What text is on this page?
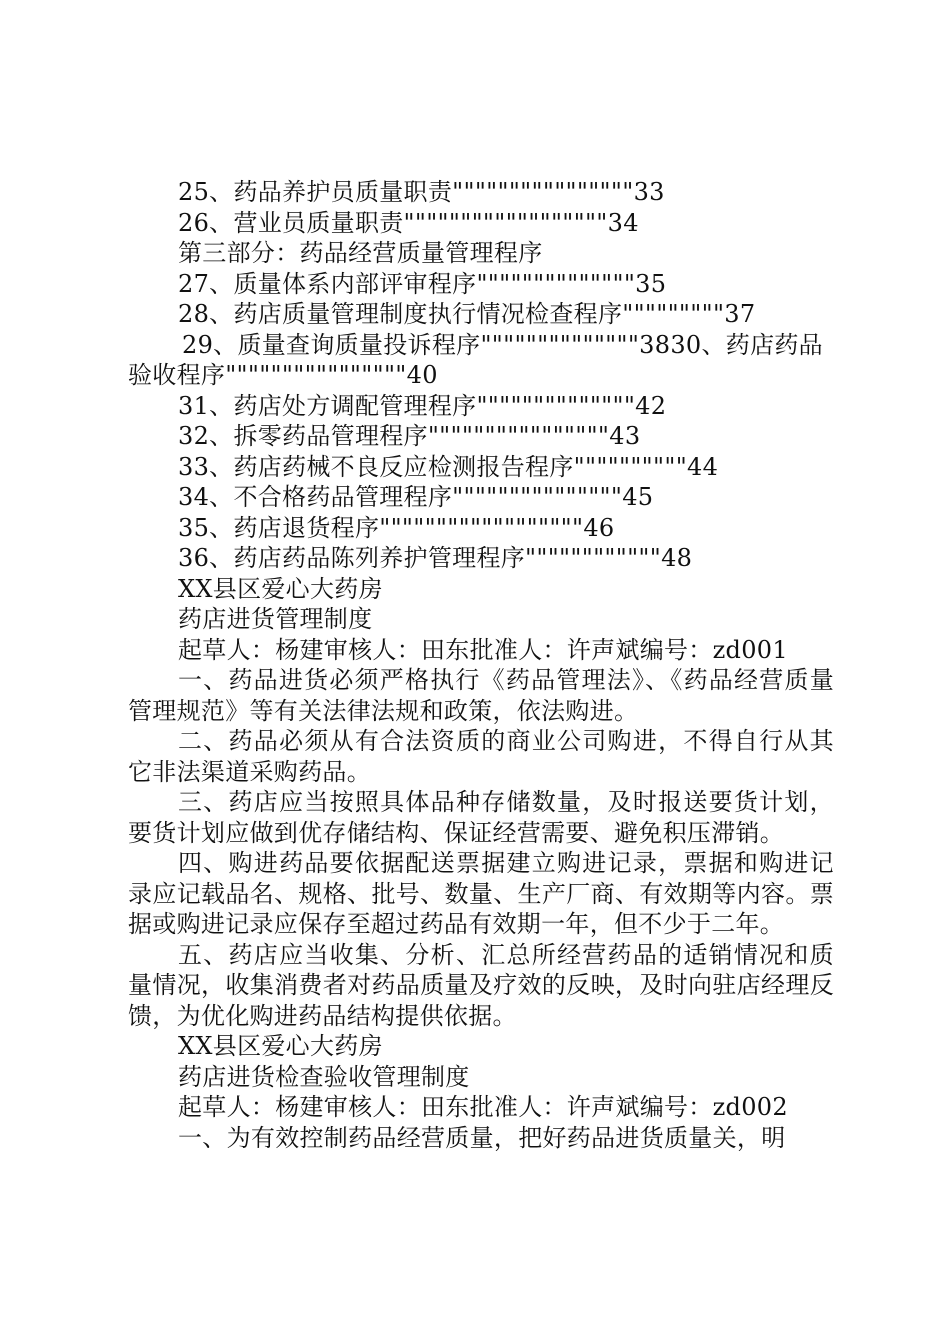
25、药品养护员质量职责""""""""""""""""33

26、营业员质量职责""""""""""""""""""34

第三部分：药品经营质量管理程序

27、质量体系内部评审程序""""""""""""""35

28、药店质量管理制度执行情况检查程序"""""""""37

29、质量查询质量投诉程序""""""""""""""3830、药店药品验收程序""""""""""""""""40

31、药店处方调配管理程序""""""""""""""42

32、拆零药品管理程序""""""""""""""""43

33、药店药械不良反应检测报告程序""""""""""44

34、不合格药品管理程序"""""""""""""""45

35、药店退货程序""""""""""""""""""46

36、药店药品陈列养护管理程序""""""""""""48

XX县区爱心大药房

药店进货管理制度

起草人：杨建审核人：田东批准人：许声斌编号：zd001

一、药品进货必须严格执行《药品管理法》、《药品经营质量管理规范》等有关法律法规和政策，依法购进。

二、药品必须从有合法资质的商业公司购进，不得自行从其它非法渠道采购药品。

三、药店应当按照具体品种存储数量，及时报送要货计划，要货计划应做到优存储结构、保证经营需要、避免积压滞销。

四、购进药品要依据配送票据建立购进记录，票据和购进记录应记载品名、规格、批号、数量、生产厂商、有效期等内容。票据或购进记录应保存至超过药品有效期一年，但不少于二年。

五、药店应当收集、分析、汇总所经营药品的适销情况和质量情况，收集消费者对药品质量及疗效的反映，及时向驻店经理反馈，为优化购进药品结构提供依据。

XX县区爱心大药房

药店进货检查验收管理制度

起草人：杨建审核人：田东批准人：许声斌编号：zd002

一、为有效控制药品经营质量，把好药品进货质量关，明
